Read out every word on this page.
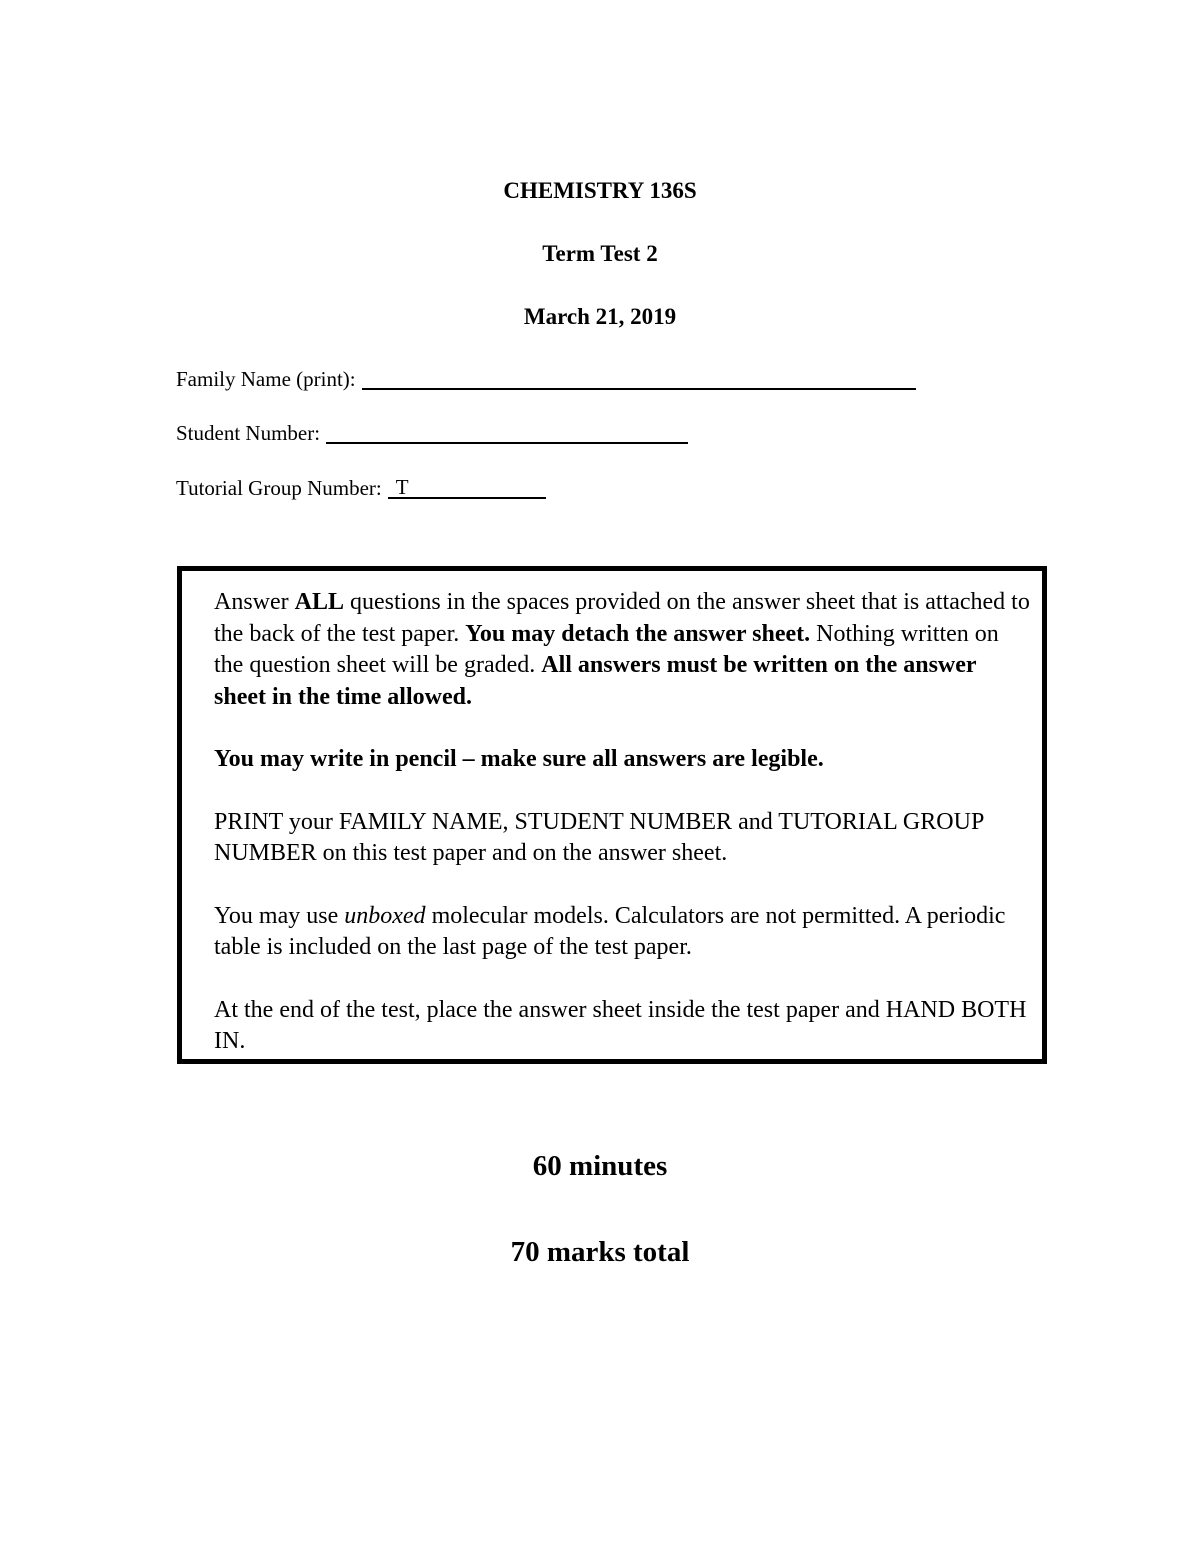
CHEMISTRY 136S
Term Test 2
March 21, 2019
Family Name (print):
Student Number:
Tutorial Group Number: T

Answer ALL questions in the spaces provided on the answer sheet that is attached to the back of the test paper. You may detach the answer sheet. Nothing written on the question sheet will be graded. All answers must be written on the answer sheet in the time allowed.

You may write in pencil – make sure all answers are legible.

PRINT your FAMILY NAME, STUDENT NUMBER and TUTORIAL GROUP NUMBER on this test paper and on the answer sheet.

You may use unboxed molecular models. Calculators are not permitted. A periodic table is included on the last page of the test paper.

At the end of the test, place the answer sheet inside the test paper and HAND BOTH IN.

60 minutes
70 marks total
